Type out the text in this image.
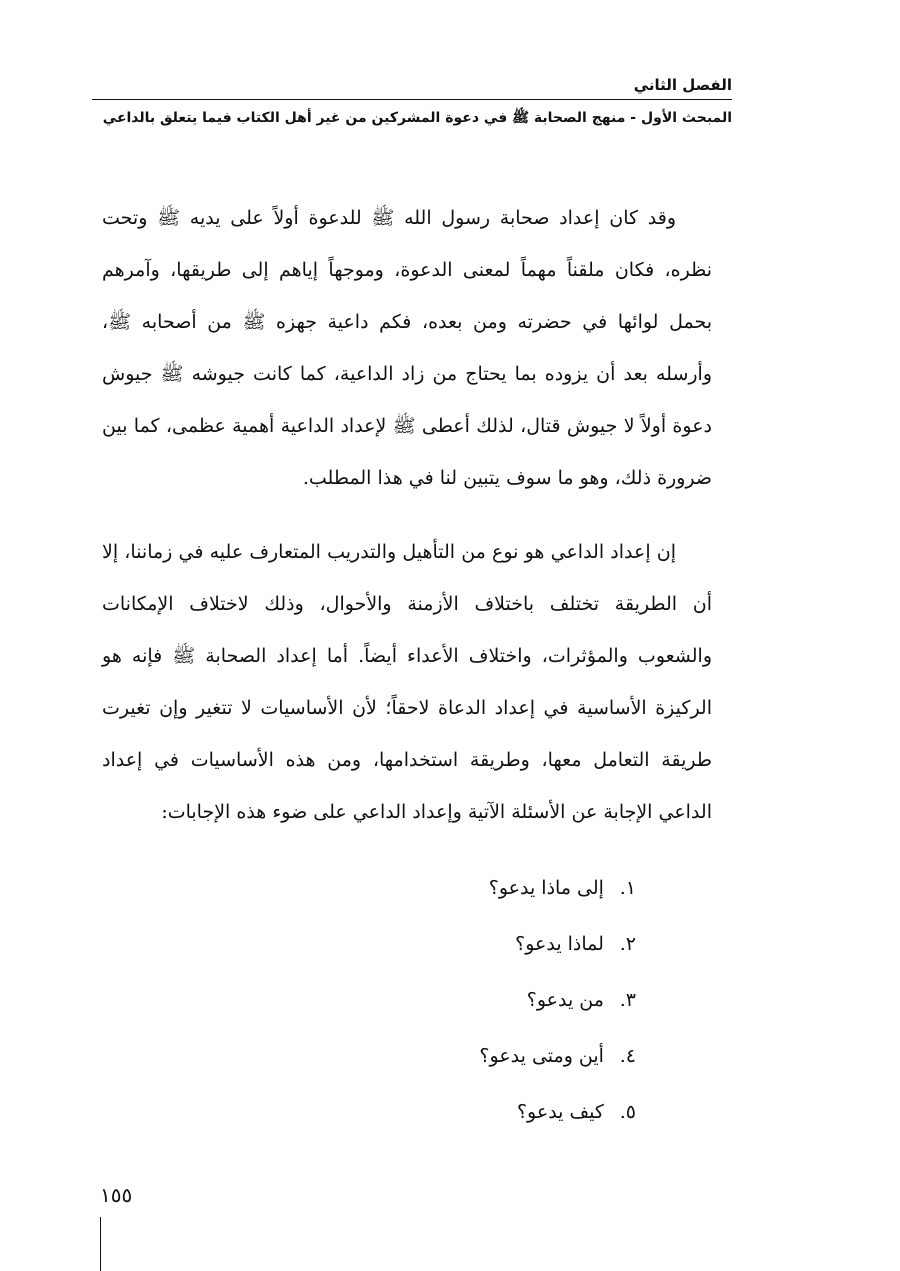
الفصل الثاني

المبحث الأول - منهج الصحابة ﷺ في دعوة المشركين من غير أهل الكتاب فيما يتعلق بالداعي

وقد كان إعداد صحابة رسول الله ﷺ للدعوة أولاً على يديه ﷺ وتحت نظره، فكان ملقناً مهماً لمعنى الدعوة، وموجهاً إياهم إلى طريقها، وآمرهم بحمل لوائها في حضرته ومن بعده، فكم داعية جهزه ﷺ من أصحابه ﷺ، وأرسله بعد أن يزوده بما يحتاج من زاد الداعية، كما كانت جيوشه ﷺ جيوش دعوة أولاً لا جيوش قتال، لذلك أعطى ﷺ لإعداد الداعية أهمية عظمى، كما بين ضرورة ذلك، وهو ما سوف يتبين لنا في هذا المطلب.

إن إعداد الداعي هو نوع من التأهيل والتدريب المتعارف عليه في زماننا، إلا أن الطريقة تختلف باختلاف الأزمنة والأحوال، وذلك لاختلاف الإمكانات والشعوب والمؤثرات، واختلاف الأعداء أيضاً. أما إعداد الصحابة ﷺ فإنه هو الركيزة الأساسية في إعداد الدعاة لاحقاً؛ لأن الأساسيات لا تتغير وإن تغيرت طريقة التعامل معها، وطريقة استخدامها، ومن هذه الأساسيات في إعداد الداعي الإجابة عن الأسئلة الآتية وإعداد الداعي على ضوء هذه الإجابات:

١. إلى ماذا يدعو؟
٢. لماذا يدعو؟
٣. من يدعو؟
٤. أين ومتى يدعو؟
٥. كيف يدعو؟
١٥٥
